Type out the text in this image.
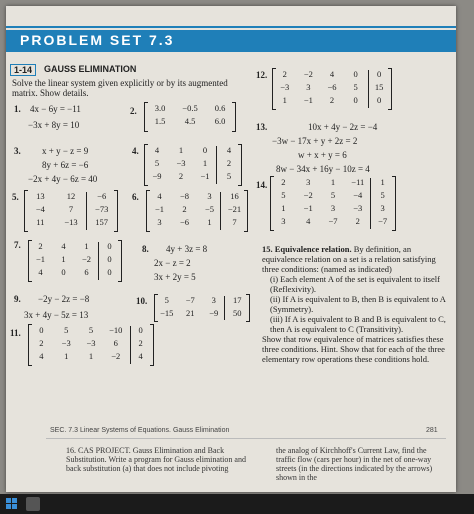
PROBLEM SET 7.3
1-14	GAUSS ELIMINATION
Solve the linear system given explicitly or by its augmented matrix. Show details.
1. 4x − 6y = −11
−3x + 8y = 10
2.	3.0	−0.5	0.6
1.5	4.5	6.0
3. x + y − z = 9
8y + 6z = −6
−2x + 4y − 6z = 40
4.	4	1	0	4
5	−3	1	2
−9	2	−1	5
5.	13	12	−6
−4	7	−73
11	−13	157
6.	4	−8	3	16
−1	2	−5	−21
3	−6	1	7
7.	2	4	1	0
−1	1	−2	0
4	0	6	0
8. 4y + 3z = 8
2x − z = 2
3x + 2y = 5
9. −2y − 2z = −8
3x + 4y − 5z = 13
10.	5	−7	3	17
−15	21	−9	50
11.	0	5	5	−10	0
2	−3	−3	6	2
4	1	1	−2	4
12.	2	−2	4	0	0
−3	3	−6	5	15
1	−1	2	0	0
13.	10x + 4y − 2z = −4
−3w − 17x + y + 2z = 2
w + x + y = 6
8w − 34x + 16y − 10z = 4
14.	2	3	1	−11	1
5	−2	5	−4	5
1	−1	3	−3	3
3	4	−7	2	−7
15. Equivalence relation. By definition, an equivalence relation on a set is a relation satisfying three conditions: (named as indicated)
(i) Each element A of the set is equivalent to itself (Reflexivity).
(ii) If A is equivalent to B, then B is equivalent to A (Symmetry).
(iii) If A is equivalent to B and B is equivalent to C, then A is equivalent to C (Transitivity).
Show that row equivalence of matrices satisfies these three conditions. Hint. Show that for each of the three elementary row operations these conditions hold.
SEC. 7.3 Linear Systems of Equations. Gauss Elimination	281
16. CAS PROJECT. Gauss Elimination and Back Substitution. Write a program for Gauss elimination and back substitution (a) that does not include pivoting
the analog of Kirchhoff's Current Law, find the traffic flow (cars per hour) in the net of one-way streets (in the directions indicated by the arrows) shown in the
